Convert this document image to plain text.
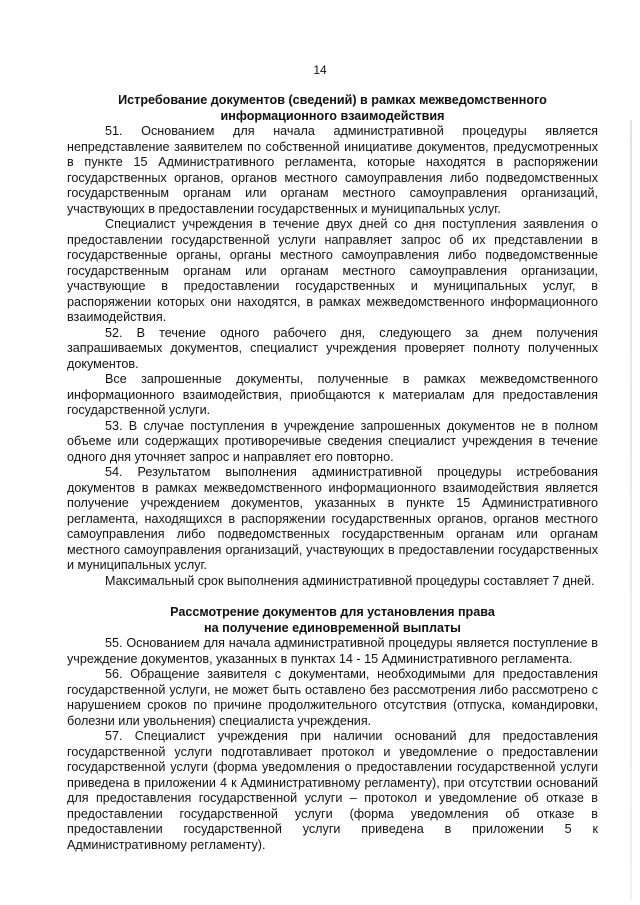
14

Истребование документов (сведений) в рамках межведомственного
информационного взаимодействия

51. Основанием для начала административной процедуры является непредставление заявителем по собственной инициативе документов, предусмотренных в пункте 15 Административного регламента, которые находятся в распоряжении государственных органов, органов местного самоуправления либо подведомственных государственным органам или органам местного самоуправления организаций, участвующих в предоставлении государственных и муниципальных услуг.

Специалист учреждения в течение двух дней со дня поступления заявления о предоставлении государственной услуги направляет запрос об их представлении в государственные органы, органы местного самоуправления либо подведомственные государственным органам или органам местного самоуправления организации, участвующие в предоставлении государственных и муниципальных услуг, в распоряжении которых они находятся, в рамках межведомственного информационного взаимодействия.

52. В течение одного рабочего дня, следующего за днем получения запрашиваемых документов, специалист учреждения проверяет полноту полученных документов.

Все запрошенные документы, полученные в рамках межведомственного информационного взаимодействия, приобщаются к материалам для предоставления государственной услуги.

53. В случае поступления в учреждение запрошенных документов не в полном объеме или содержащих противоречивые сведения специалист учреждения в течение одного дня уточняет запрос и направляет его повторно.

54. Результатом выполнения административной процедуры истребования документов в рамках межведомственного информационного взаимодействия является получение учреждением документов, указанных в пункте 15 Административного регламента, находящихся в распоряжении государственных органов, органов местного самоуправления либо подведомственных государственным органам или органам местного самоуправления организаций, участвующих в предоставлении государственных и муниципальных услуг.

Максимальный срок выполнения административной процедуры составляет 7 дней.

Рассмотрение документов для установления права
на получение единовременной выплаты

55. Основанием для начала административной процедуры является поступление в учреждение документов, указанных в пунктах 14 - 15 Административного регламента.

56. Обращение заявителя с документами, необходимыми для предоставления государственной услуги, не может быть оставлено без рассмотрения либо рассмотрено с нарушением сроков по причине продолжительного отсутствия (отпуска, командировки, болезни или увольнения) специалиста учреждения.

57. Специалист учреждения при наличии оснований для предоставления государственной услуги подготавливает протокол и уведомление о предоставлении государственной услуги (форма уведомления о предоставлении государственной услуги приведена в приложении 4 к Административному регламенту), при отсутствии оснований для предоставления государственной услуги – протокол и уведомление об отказе в предоставлении государственной услуги (форма уведомления об отказе в предоставлении государственной услуги приведена в приложении 5 к Административному регламенту).
